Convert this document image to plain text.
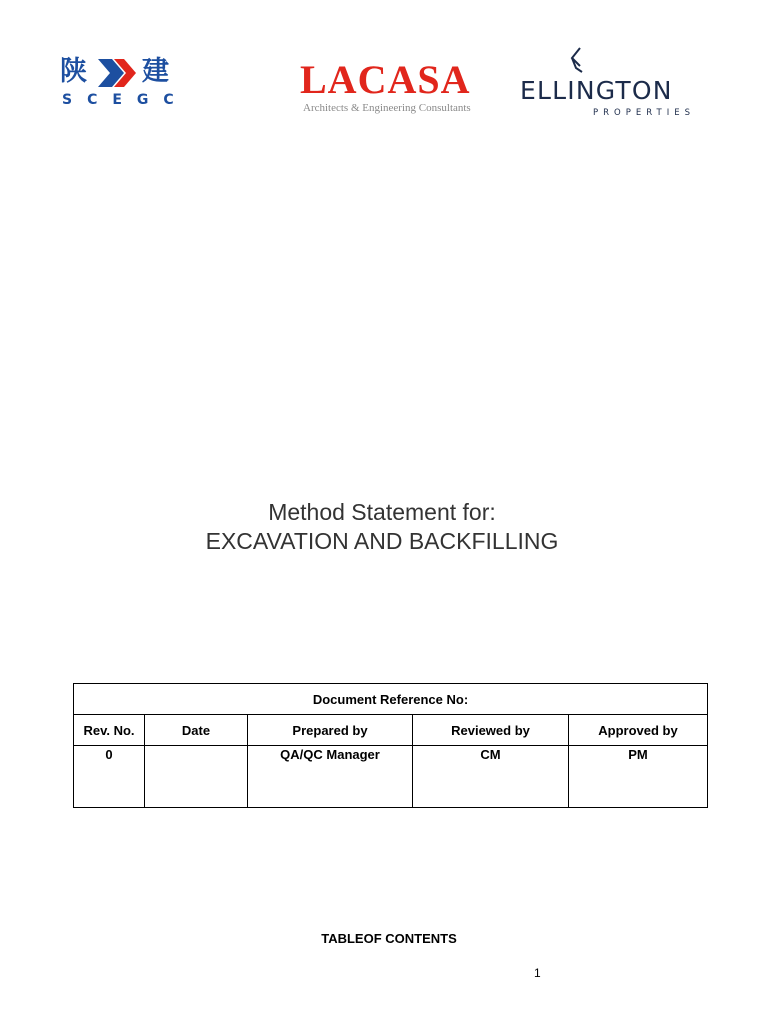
陕 建
SCEGC	LACASA
Architects & Engineering Consultants
ELLINGTON
PROPERTIES
Method Statement for:
EXCAVATION AND BACKFILLING
Document Reference No:				
Rev. No.	Date	Prepared by	Reviewed by	Approved by
0		QA/QC Manager	CM	PM
TABLEOF CONTENTS
1
